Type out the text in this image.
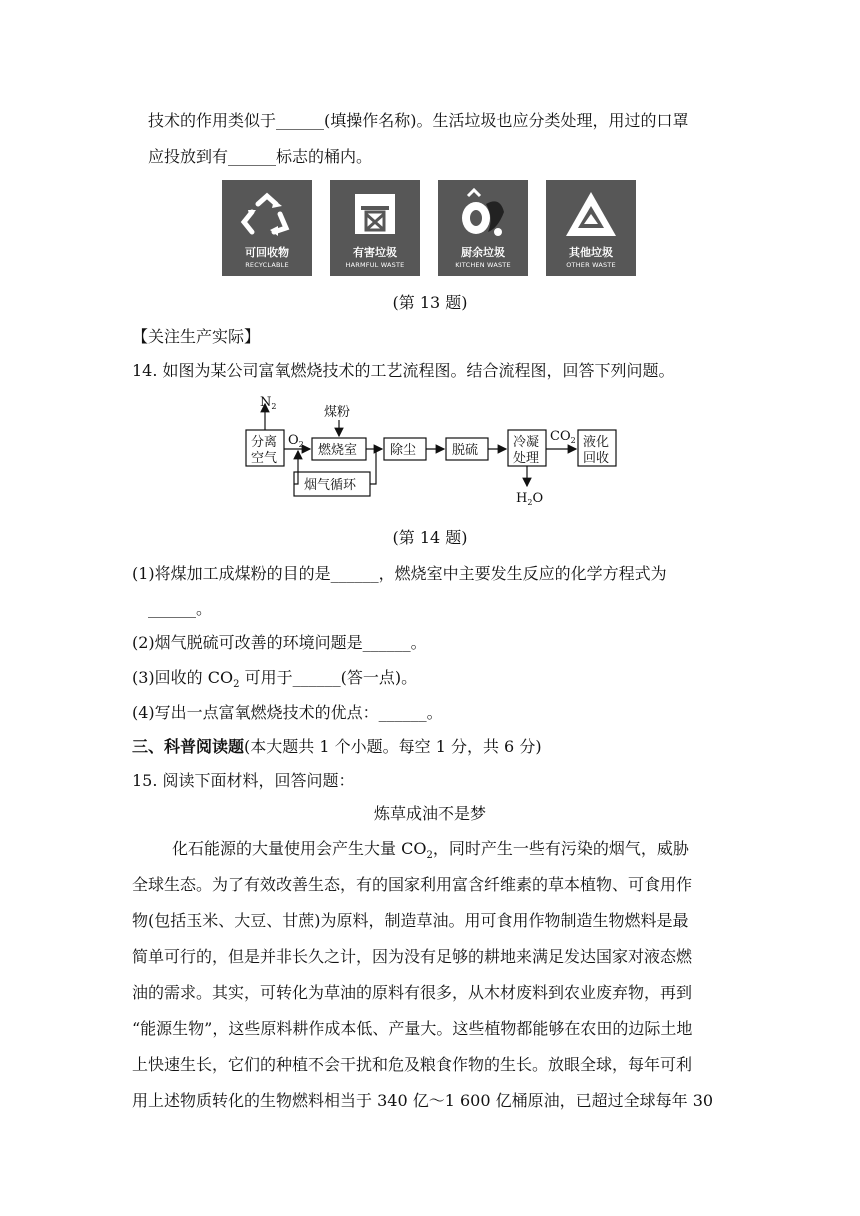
技术的作用类似于______(填操作名称)。生活垃圾也应分类处理，用过的口罩
应投放到有______标志的桶内。
可回收物
RECYCLABLE
有害垃圾
HARMFUL WASTE
厨余垃圾
KITCHEN WASTE
其他垃圾
OTHER WASTE
(第 13 题)
【关注生产实际】
14. 如图为某公司富氧燃烧技术的工艺流程图。结合流程图，回答下列问题。
$N_2$	煤粉
$O_2$
分离
空气
燃烧室	除尘	脱硫
冷凝
处理
$CO_2$ 液化
回收
烟气循环
$H_2O$
(第 14 题)
(1)将煤加工成煤粉的目的是______，燃烧室中主要发生反应的化学方程式为
______。
(2)烟气脱硫可改善的环境问题是______。
(3)回收的 $CO_2$ 可用于______(答一点)。
(4)写出一点富氧燃烧技术的优点：______。
三、科普阅读题(本大题共 1 个小题。每空 1 分，共 6 分)
15. 阅读下面材料，回答问题：
炼草成油不是梦
化石能源的大量使用会产生大量 $CO_2$，同时产生一些有污染的烟气，威胁
全球生态。为了有效改善生态，有的国家利用富含纤维素的草本植物、可食用作
物(包括玉米、大豆、甘蔗)为原料，制造草油。用可食用作物制造生物燃料是最
简单可行的，但是并非长久之计，因为没有足够的耕地来满足发达国家对液态燃
油的需求。其实，可转化为草油的原料有很多，从木材废料到农业废弃物，再到
“能源生物”，这些原料耕作成本低、产量大。这些植物都能够在农田的边际土地
上快速生长，它们的种植不会干扰和危及粮食作物的生长。放眼全球，每年可利
用上述物质转化的生物燃料相当于 340 亿～1 600 亿桶原油，已超过全球每年 30
